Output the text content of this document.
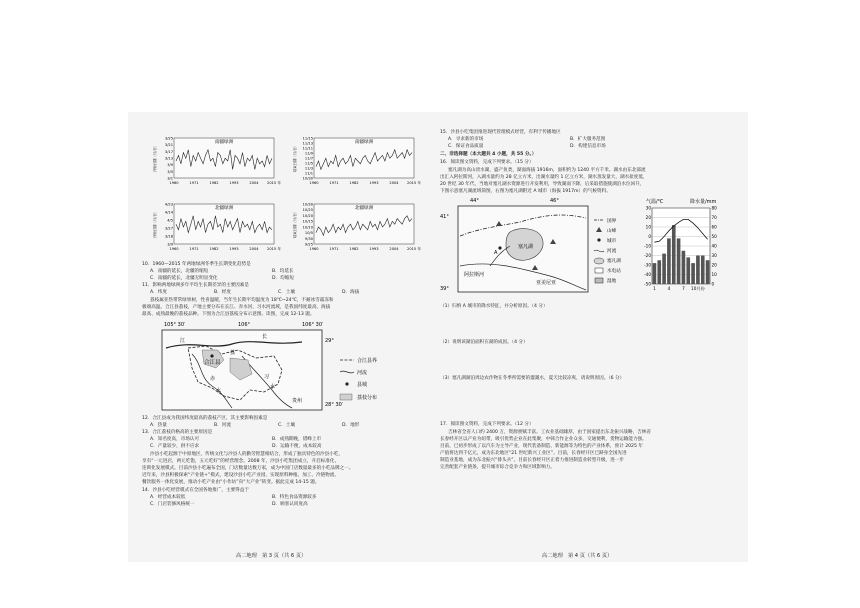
南疆绿洲
3/25
3/21
3/17
3/13
3/9
3/5
3/1
1960	1971	1982	1993	2004 2015 年
开始日期（月/日）
南疆绿洲
11/15
11/13
11/11
11/9
11/7
11/5
11/3
11/1
10/30
1960	1971	1982	1993	2004 2015 年
结束日期（月/日）
北疆绿洲
4/23
4/14
4/5
3/27
3/18
3/9
1960	1971	1982	1993	2004 2015 年
开始日期（月/日）
北疆绿洲
10/30
10/25
10/20
10/15
10/10
10/5
9/30
9/25
1960	1971	1982	1993	2004 2015 年
结束日期（月/日）
10．1960—2015 年两地绿洲冬季生长期变化趋势是
A．南疆的延长，北疆的缩短	B．均延长
C．南疆的延长，北疆无明显变化	D．均缩短
11．影响两地绿洲多年平均生长期差异的主要因素是
A．纬度	B．经度	C．土壤	D．海拔
荔枝属亚热带常绿果树，性喜温暖，当年生长期平均温度为 18℃~24℃，不耐冰雪霜冻和
极端高温。合江县荔枝，产地主要分布在长江、赤水河、习水河流域，是我国纬度最高、海拔
最高、成熟最晚的荔枝品种。下图为合江县荔枝分布示意图。读图，完成 12-13 题。
105° 30′	106°	106° 30′
29°
28° 30′
江
长
合江县
荔
赤	习
水
水
贵州
合江县界
河流
县城
荔枝分布
12．合江县成为我国纬度最高的荔枝产区，其主要影响因素是
A．热量	B．河流	C．土壤	D．地形
13．合江荔枝价格高的主要原因是
A．知名度高，市场认可	B．成熟期晚，错峰上市
C．产量较少，供不应求	D．运输不便，成本较高
沙县小吃起源于中原地区，传统文化与沙县人的勤劳智慧相结合，形成了独具特色的沙县小吃，
享有“一元进店，两元吃饱，五元吃好”的经营理念。2008 年，沙县小吃集团成立，开启标准化、
连锁化发展模式。目前沙县小吃遍布全国，门店数量达数万家，成为中国门店数量最多的小吃品牌之一。
近年来，沙县积极探索“产业链+”模式，建设沙县小吃产业园，实现原料种植、加工、冷链物流、
餐饮服务一体化发展，推动小吃产业由“小作坊”向“大产业”转变。据此完成 14-15 题。
14．沙县小吃经营模式在全国各地推广，主要得益于
A．经营成本较低	B．特色食品资源较多
C．门店装修风格统一	D．顾客认同度高
高二地理　第 3 页（共 6 页）
15．沙县小吃集团推进现代管理模式经营，有利于传播地区
A．寻求新的市场	B．扩大服务范围
C．保证食品质量	D．构建信息市场
二、非选择题（本大题共 4 小题，共 55 分。）
16．阅读图文资料，完成下列要求。（15 分）
塞凡湖为高山淡水湖，盛产鱼类，湖面海拔 1916m，面积约为 1240 平方千米。湖水由东北部流
出汇入阿拉斯河，入湖水量约为 28 亿立方米，出湖水量约 1 亿立方米，湖水蒸发量大，湖水盐度低，
20 世纪 30 年代，当地对塞凡湖水资源进行开发利用，导致湖面下降，后采取措施使湖泊水位回升，
下图示意塞凡湖流域简图，右图为塞凡湖附近 A 城市（海拔 1917m）的气候资料。
44°	46°
41°
39°
塞凡湖
A
亚美尼亚
阿拉斯河
国界
山峰
城市
河流
塞凡湖
水电站
湿地
气温/℃	降水量/mm
30
20
10
0
-10
-20
-30
-40
-50
80
70
60
50
40
30
20
10
0
1	4	7 10月份
（1）归纳 A 城市的降水特征，并分析原因。（4 分）
（2）说明该湖泊面积在湖的成因。（4 分）
（3）塞凡湖湖泊周边农作物在冬季所需要的灌溉水，夏天比较凉爽，请说明原因。（6 分）
17．阅读图文资料，完成下列要求。（12 分）
吉林省全省人口约 2400 万，资源禀赋丰富。工农业基础雄厚，由于国家提出东北振兴战略，吉林省
长春经开区以产业为纽带，吸引优势企业在此集聚，中韩合作企业众多，交通便利，货物运输能力强。
目前，已初步形成了以汽车为主导产业，现代装备制造、新能源等为特色的产业体系，预计 2025 年
产值将达到千亿元，成为东北地区“21 世纪新兴工业区”。目前，长春经开区已跻身全国先进
制造业基地，成为东北振兴“排头兵”。目前长春经开区正着力推进制造业转型升级，进一步
完善配套产业链条，提升城市综合竞争力和区域影响力。
高二地理　第 4 页（共 6 页）
